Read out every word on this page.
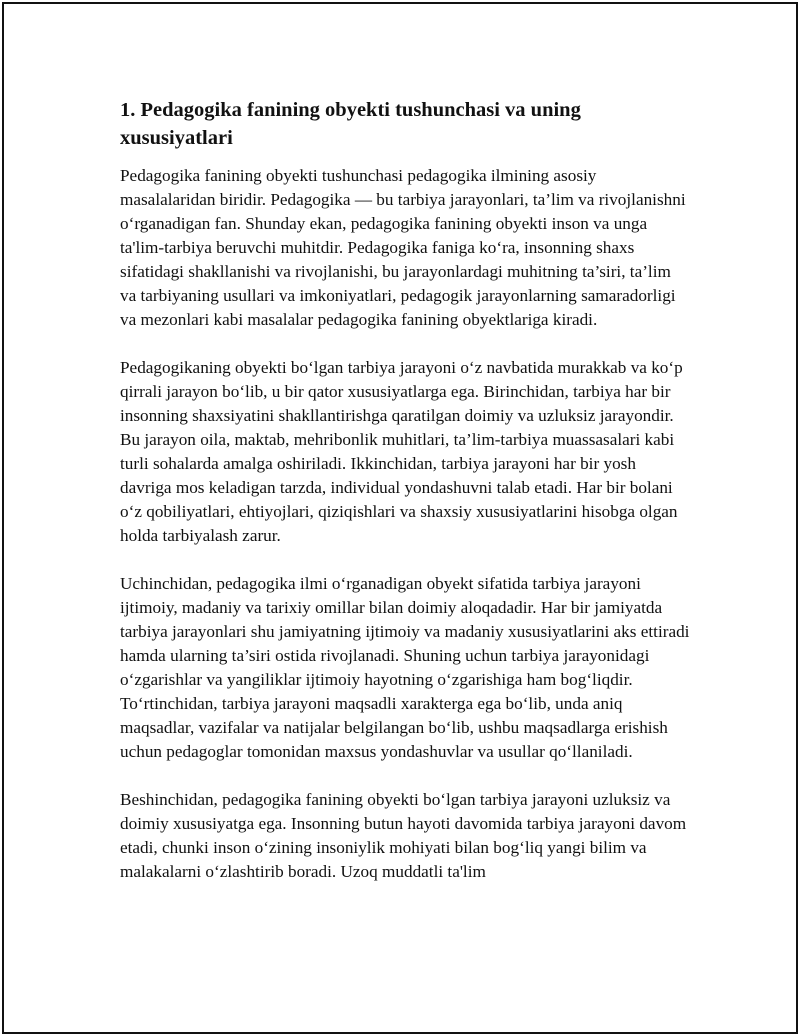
1. Pedagogika fanining obyekti tushunchasi va uning xususiyatlari

Pedagogika fanining obyekti tushunchasi pedagogika ilmining asosiy masalalaridan biridir. Pedagogika — bu tarbiya jarayonlari, ta’lim va rivojlanishni o‘rganadigan fan. Shunday ekan, pedagogika fanining obyekti inson va unga ta'lim-tarbiya beruvchi muhitdir. Pedagogika faniga ko‘ra, insonning shaxs sifatidagi shakllanishi va rivojlanishi, bu jarayonlardagi muhitning ta’siri, ta’lim va tarbiyaning usullari va imkoniyatlari, pedagogik jarayonlarning samaradorligi va mezonlari kabi masalalar pedagogika fanining obyektlariga kiradi.

Pedagogikaning obyekti bo‘lgan tarbiya jarayoni o‘z navbatida murakkab va ko‘p qirrali jarayon bo‘lib, u bir qator xususiyatlarga ega. Birinchidan, tarbiya har bir insonning shaxsiyatini shakllantirishga qaratilgan doimiy va uzluksiz jarayondir. Bu jarayon oila, maktab, mehribonlik muhitlari, ta’lim-tarbiya muassasalari kabi turli sohalarda amalga oshiriladi. Ikkinchidan, tarbiya jarayoni har bir yosh davriga mos keladigan tarzda, individual yondashuvni talab etadi. Har bir bolani o‘z qobiliyatlari, ehtiyojlari, qiziqishlari va shaxsiy xususiyatlarini hisobga olgan holda tarbiyalash zarur.

Uchinchidan, pedagogika ilmi o‘rganadigan obyekt sifatida tarbiya jarayoni ijtimoiy, madaniy va tarixiy omillar bilan doimiy aloqadadir. Har bir jamiyatda tarbiya jarayonlari shu jamiyatning ijtimoiy va madaniy xususiyatlarini aks ettiradi hamda ularning ta’siri ostida rivojlanadi. Shuning uchun tarbiya jarayonidagi o‘zgarishlar va yangiliklar ijtimoiy hayotning o‘zgarishiga ham bog‘liqdir. To‘rtinchidan, tarbiya jarayoni maqsadli xarakterga ega bo‘lib, unda aniq maqsadlar, vazifalar va natijalar belgilangan bo‘lib, ushbu maqsadlarga erishish uchun pedagoglar tomonidan maxsus yondashuvlar va usullar qo‘llaniladi.

Beshinchidan, pedagogika fanining obyekti bo‘lgan tarbiya jarayoni uzluksiz va doimiy xususiyatga ega. Insonning butun hayoti davomida tarbiya jarayoni davom etadi, chunki inson o‘zining insoniylik mohiyati bilan bog‘liq yangi bilim va malakalarni o‘zlashtirib boradi. Uzoq muddatli ta'lim
